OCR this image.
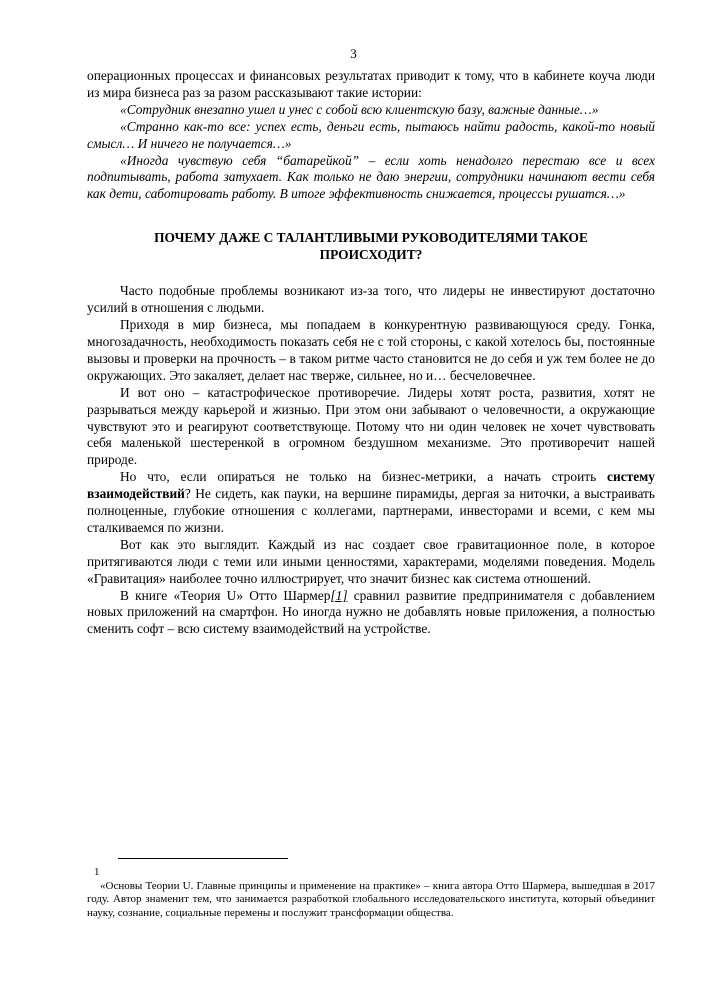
3

операционных процессах и финансовых результатах приводит к тому, что в кабинете коуча люди из мира бизнеса раз за разом рассказывают такие истории:

«Сотрудник внезапно ушел и унес с собой всю клиентскую базу, важные данные…»

«Странно как-то все: успех есть, деньги есть, пытаюсь найти радость, какой-то новый смысл… И ничего не получается…»

«Иногда чувствую себя “батарейкой” – если хоть ненадолго перестаю все и всех подпитывать, работа затухает. Как только не даю энергии, сотрудники начинают вести себя как дети, саботировать работу. В итоге эффективность снижается, процессы рушатся…»

ПОЧЕМУ ДАЖЕ С ТАЛАНТЛИВЫМИ РУКОВОДИТЕЛЯМИ ТАКОЕ ПРОИСХОДИТ?

Часто подобные проблемы возникают из-за того, что лидеры не инвестируют достаточно усилий в отношения с людьми.

Приходя в мир бизнеса, мы попадаем в конкурентную развивающуюся среду. Гонка, многозадачность, необходимость показать себя не с той стороны, с какой хотелось бы, постоянные вызовы и проверки на прочность – в таком ритме часто становится не до себя и уж тем более не до окружающих. Это закаляет, делает нас тверже, сильнее, но и… бесчеловечнее.

И вот оно – катастрофическое противоречие. Лидеры хотят роста, развития, хотят не разрываться между карьерой и жизнью. При этом они забывают о человечности, а окружающие чувствуют это и реагируют соответствующе. Потому что ни один человек не хочет чувствовать себя маленькой шестеренкой в огромном бездушном механизме. Это противоречит нашей природе.

Но что, если опираться не только на бизнес-метрики, а начать строить систему взаимодействий? Не сидеть, как пауки, на вершине пирамиды, дергая за ниточки, а выстраивать полноценные, глубокие отношения с коллегами, партнерами, инвесторами и всеми, с кем мы сталкиваемся по жизни.

Вот как это выглядит. Каждый из нас создает свое гравитационное поле, в которое притягиваются люди с теми или иными ценностями, характерами, моделями поведения. Модель «Гравитация» наиболее точно иллюстрирует, что значит бизнес как система отношений.

В книге «Теория U» Отто Шармер[1] сравнил развитие предпринимателя с добавлением новых приложений на смартфон. Но иногда нужно не добавлять новые приложения, а полностью сменить софт – всю систему взаимодействий на устройстве.

1
«Основы Теории U. Главные принципы и применение на практике» – книга автора Отто Шармера, вышедшая в 2017 году. Автор знаменит тем, что занимается разработкой глобального исследовательского института, который объединит науку, сознание, социальные перемены и послужит трансформации общества.
